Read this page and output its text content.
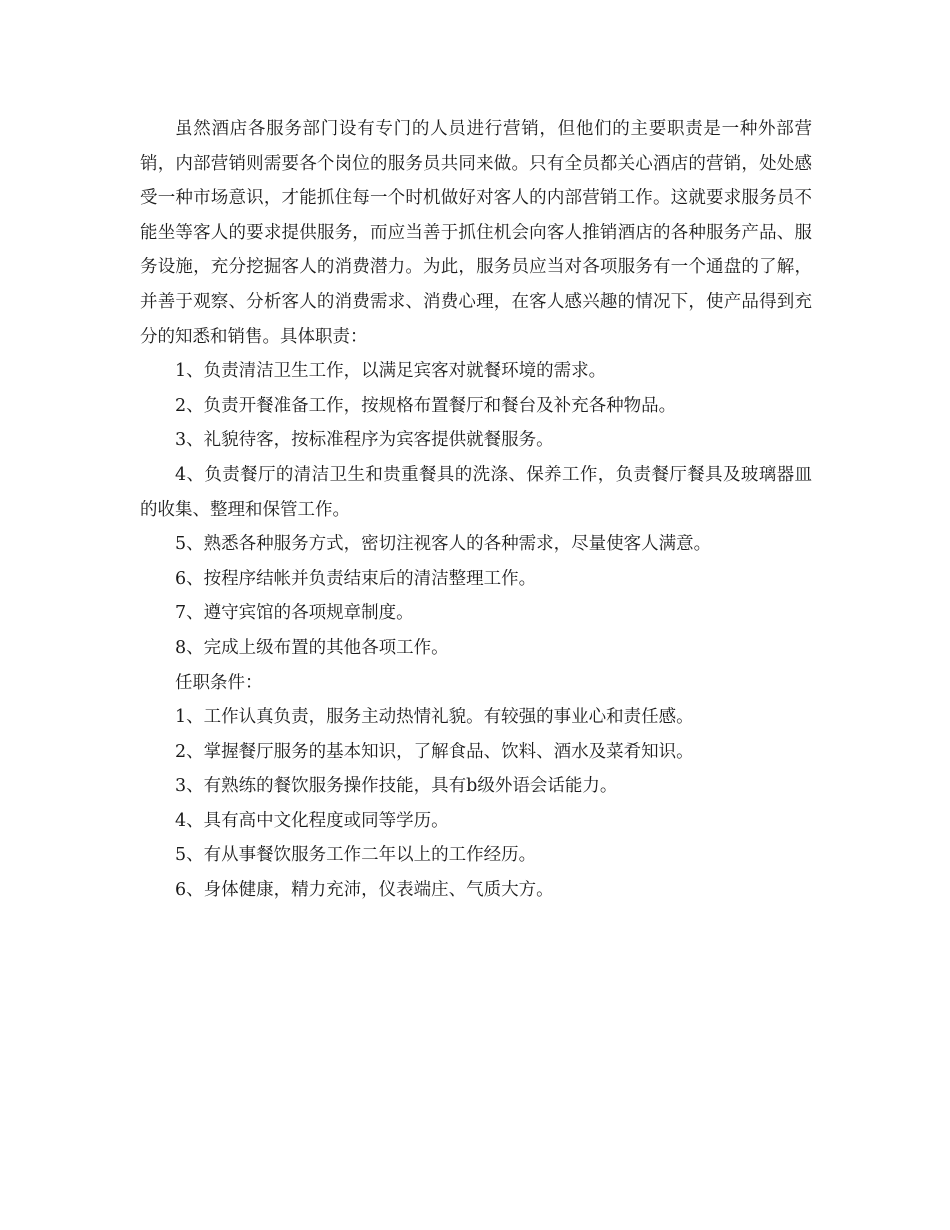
虽然酒店各服务部门设有专门的人员进行营销，但他们的主要职责是一种外部营销，内部营销则需要各个岗位的服务员共同来做。只有全员都关心酒店的营销，处处感受一种市场意识，才能抓住每一个时机做好对客人的内部营销工作。这就要求服务员不能坐等客人的要求提供服务，而应当善于抓住机会向客人推销酒店的各种服务产品、服务设施，充分挖掘客人的消费潜力。为此，服务员应当对各项服务有一个通盘的了解，并善于观察、分析客人的消费需求、消费心理，在客人感兴趣的情况下，使产品得到充分的知悉和销售。具体职责：

1、负责清洁卫生工作，以满足宾客对就餐环境的需求。

2、负责开餐准备工作，按规格布置餐厅和餐台及补充各种物品。

3、礼貌待客，按标准程序为宾客提供就餐服务。

4、负责餐厅的清洁卫生和贵重餐具的洗涤、保养工作，负责餐厅餐具及玻璃器皿的收集、整理和保管工作。

5、熟悉各种服务方式，密切注视客人的各种需求，尽量使客人满意。

6、按程序结帐并负责结束后的清洁整理工作。

7、遵守宾馆的各项规章制度。

8、完成上级布置的其他各项工作。

任职条件：

1、工作认真负责，服务主动热情礼貌。有较强的事业心和责任感。

2、掌握餐厅服务的基本知识，了解食品、饮料、酒水及菜肴知识。

3、有熟练的餐饮服务操作技能，具有b级外语会话能力。

4、具有高中文化程度或同等学历。

5、有从事餐饮服务工作二年以上的工作经历。

6、身体健康，精力充沛，仪表端庄、气质大方。
